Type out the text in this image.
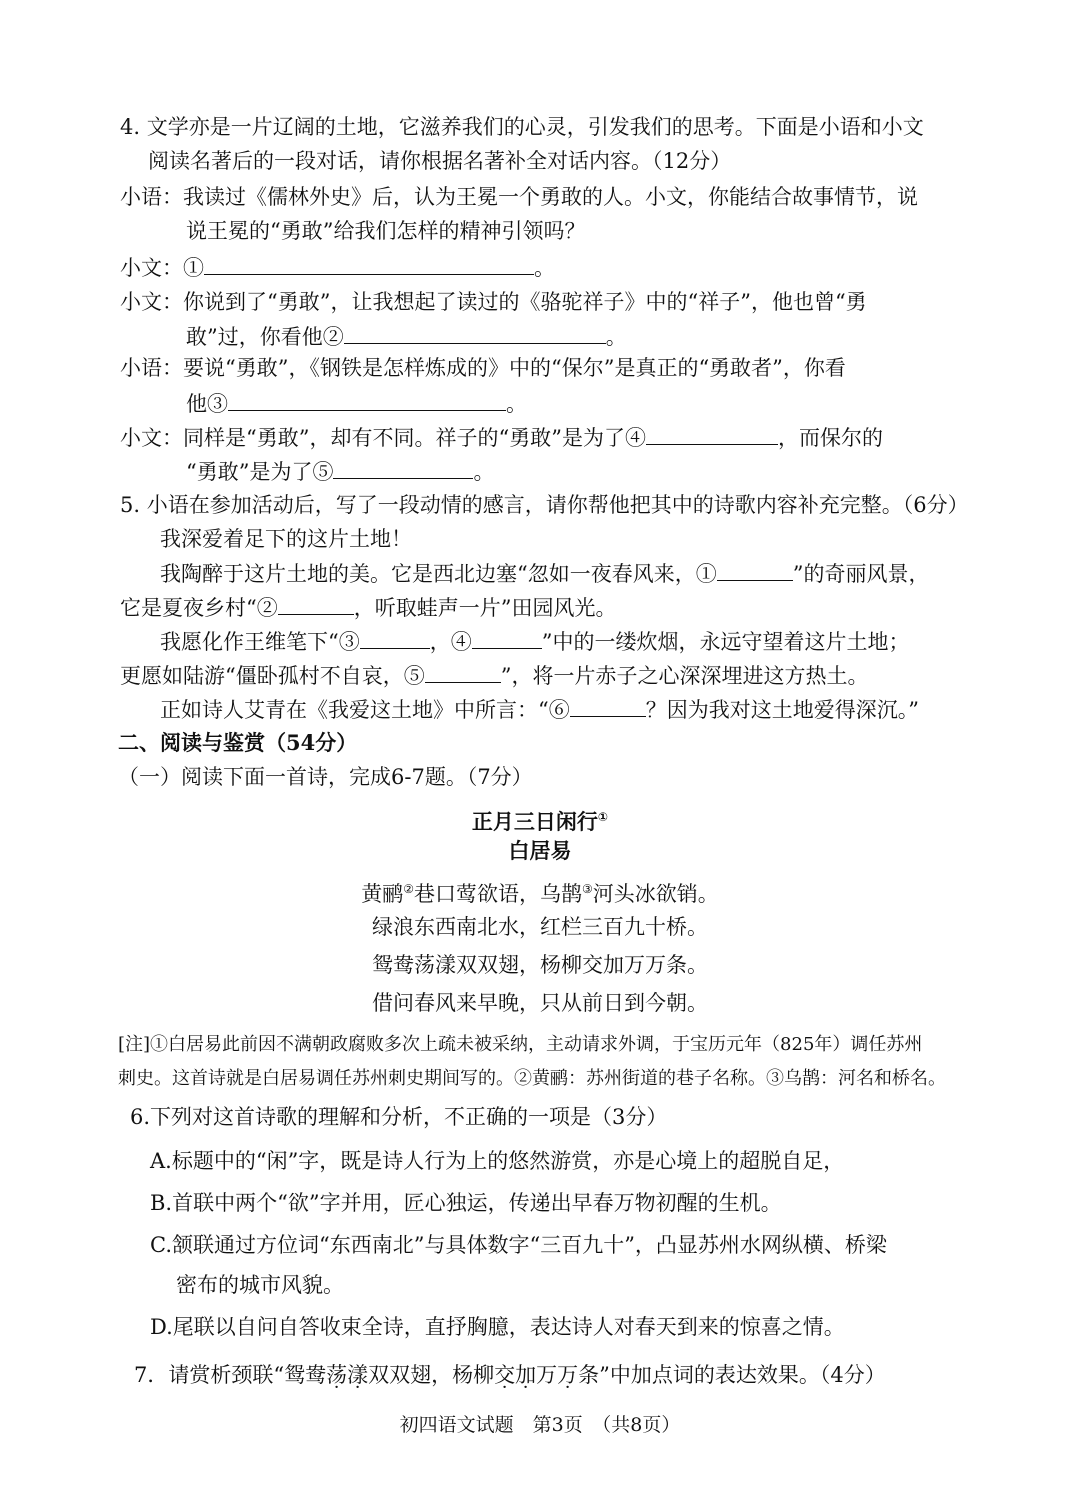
4. 文学亦是一片辽阔的土地，它滋养我们的心灵，引发我们的思考。下面是小语和小文
阅读名著后的一段对话，请你根据名著补全对话内容。（12分）
小语：我读过《儒林外史》后，认为王冕一个勇敢的人。小文，你能结合故事情节，说
说王冕的“勇敢”给我们怎样的精神引领吗？
小文：①	。
小文：你说到了“勇敢”，让我想起了读过的《骆驼祥子》中的“祥子”，他也曾“勇
敢”过，你看他②	。
小语：要说“勇敢”，《钢铁是怎样炼成的》中的“保尔”是真正的“勇敢者”，你看
他③	。
小文：同样是“勇敢”，却有不同。祥子的“勇敢”是为了④	，而保尔的
“勇敢”是为了⑤	。
5. 小语在参加活动后，写了一段动情的感言，请你帮他把其中的诗歌内容补充完整。（6分）
我深爱着足下的这片土地！
我陶醉于这片土地的美。它是西北边塞“忽如一夜春风来，①	”的奇丽风景，
它是夏夜乡村“②	，听取蛙声一片”田园风光。
我愿化作王维笔下“③	，④	”中的一缕炊烟，永远守望着这片土地；
更愿如陆游“僵卧孤村不自哀，⑤	”，将一片赤子之心深深埋进这方热土。
正如诗人艾青在《我爱这土地》中所言：“⑥	？因为我对这土地爱得深沉。”
二、阅读与鉴赏（54分）
（一）阅读下面一首诗，完成6-7题。（7分）
正月三日闲行①
白居易
黄鹂②巷口莺欲语，乌鹊③河头冰欲销。
绿浪东西南北水，红栏三百九十桥。
鸳鸯荡漾双双翅，杨柳交加万万条。
借问春风来早晚，只从前日到今朝。
[注]①白居易此前因不满朝政腐败多次上疏未被采纳，主动请求外调，于宝历元年（825年）调任苏州
刺史。这首诗就是白居易调任苏州刺史期间写的。②黄鹂：苏州街道的巷子名称。③乌鹊：河名和桥名。
6.下列对这首诗歌的理解和分析，不正确的一项是（3分）
A.标题中的“闲”字，既是诗人行为上的悠然游赏，亦是心境上的超脱自足，
B.首联中两个“欲”字并用，匠心独运，传递出早春万物初醒的生机。
C.颔联通过方位词“东西南北”与具体数字“三百九十”，凸显苏州水网纵横、桥梁
密布的城市风貌。
D.尾联以自问自答收束全诗，直抒胸臆，表达诗人对春天到来的惊喜之情。
7．请赏析颈联“鸳鸯荡漾双双翅，杨柳交加万万条”中加点词的表达效果。（4分）
初四语文试题　第3页　（共8页）
